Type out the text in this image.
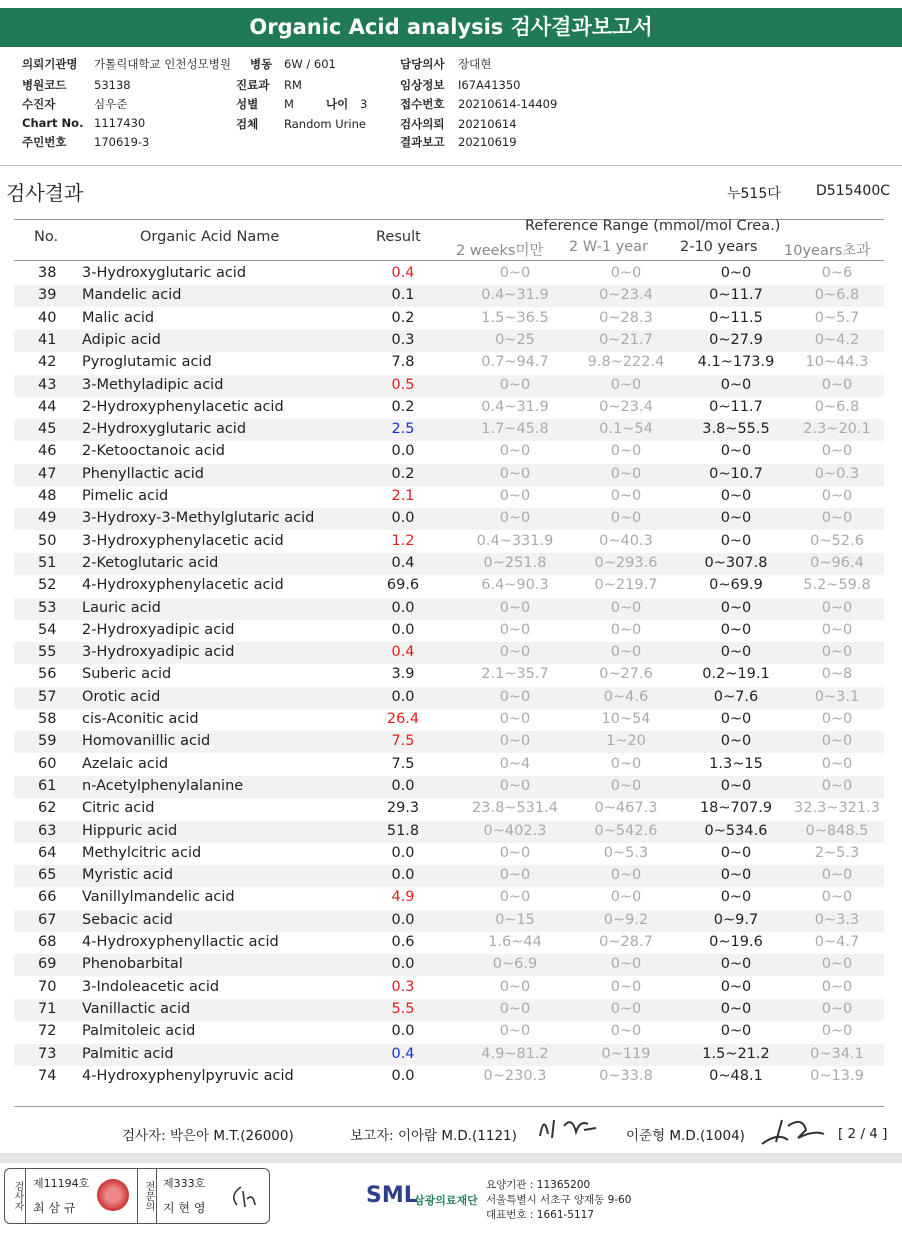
Organic Acid analysis 검사결과보고서
의뢰기관명 가톨릭대학교 인천성모병원 병동 6W / 601	담당의사 장대현
병원코드 53138	진료과 RM	임상정보 I67A41350
수진자	심우준	성별 M	나이 3	접수번호 20210614-14409
Chart No. 1117430	검체 Random Urine	검사의뢰 20210614
주민번호 170619-3	결과보고 20210619
검사결과	누515다	D515400C
No.	Organic Acid Name	Result
Reference Range (mmol/mol Crea.)
2 weeks미만 2 W-1 year 2-10 years 10years초과
38 3-Hydroxyglutaric acid	0.4	0~0	0~0	0~0	0~6
39 Mandelic acid	0.1	0.4~31.9	0~23.4	0~11.7	0~6.8
40 Malic acid	0.2	1.5~36.5	0~28.3	0~11.5	0~5.7
41 Adipic acid	0.3	0~25	0~21.7	0~27.9	0~4.2
42 Pyroglutamic acid	7.8	0.7~94.7	9.8~222.4	4.1~173.9	10~44.3
43 3-Methyladipic acid	0.5	0~0	0~0	0~0	0~0
44 2-Hydroxyphenylacetic acid	0.2	0.4~31.9	0~23.4	0~11.7	0~6.8
45 2-Hydroxyglutaric acid	2.5	1.7~45.8	0.1~54	3.8~55.5	2.3~20.1
46 2-Ketooctanoic acid	0.0	0~0	0~0	0~0	0~0
47 Phenyllactic acid	0.2	0~0	0~0	0~10.7	0~0.3
48 Pimelic acid	2.1	0~0	0~0	0~0	0~0
49 3-Hydroxy-3-Methylglutaric acid	0.0	0~0	0~0	0~0	0~0
50 3-Hydroxyphenylacetic acid	1.2	0.4~331.9	0~40.3	0~0	0~52.6
51 2-Ketoglutaric acid	0.4	0~251.8	0~293.6	0~307.8	0~96.4
52 4-Hydroxyphenylacetic acid	69.6	6.4~90.3	0~219.7	0~69.9	5.2~59.8
53 Lauric acid	0.0	0~0	0~0	0~0	0~0
54 2-Hydroxyadipic acid	0.0	0~0	0~0	0~0	0~0
55 3-Hydroxyadipic acid	0.4	0~0	0~0	0~0	0~0
56 Suberic acid	3.9	2.1~35.7	0~27.6	0.2~19.1	0~8
57 Orotic acid	0.0	0~0	0~4.6	0~7.6	0~3.1
58 cis-Aconitic acid	26.4	0~0	10~54	0~0	0~0
59 Homovanillic acid	7.5	0~0	1~20	0~0	0~0
60 Azelaic acid	7.5	0~4	0~0	1.3~15	0~0
61 n-Acetylphenylalanine	0.0	0~0	0~0	0~0	0~0
62 Citric acid	29.3	23.8~531.4	0~467.3	18~707.9	32.3~321.3
63 Hippuric acid	51.8	0~402.3	0~542.6	0~534.6	0~848.5
64 Methylcitric acid	0.0	0~0	0~5.3	0~0	2~5.3
65 Myristic acid	0.0	0~0	0~0	0~0	0~0
66 Vanillylmandelic acid	4.9	0~0	0~0	0~0	0~0
67 Sebacic acid	0.0	0~15	0~9.2	0~9.7	0~3.3
68 4-Hydroxyphenyllactic acid	0.6	1.6~44	0~28.7	0~19.6	0~4.7
69 Phenobarbital	0.0	0~6.9	0~0	0~0	0~0
70 3-Indoleacetic acid	0.3	0~0	0~0	0~0	0~0
71 Vanillactic acid	5.5	0~0	0~0	0~0	0~0
72 Palmitoleic acid	0.0	0~0	0~0	0~0	0~0
73 Palmitic acid	0.4	4.9~81.2	0~119	1.5~21.2	0~34.1
74 4-Hydroxyphenylpyruvic acid	0.0	0~230.3	0~33.8	0~48.1	0~13.9
검사자: 박은아 M.T.(26000)	보고자: 이아람 M.D.(1121)	이준형 M.D.(1004)	[ 2 / 4 ]
검사자 제11194호
최 삼 규	전문의 제333호
지 현 영	SML
삼광의료재단
요양기관 : 11365200
서울특별시 서초구 양재동 9-60
대표번호 : 1661-5117
